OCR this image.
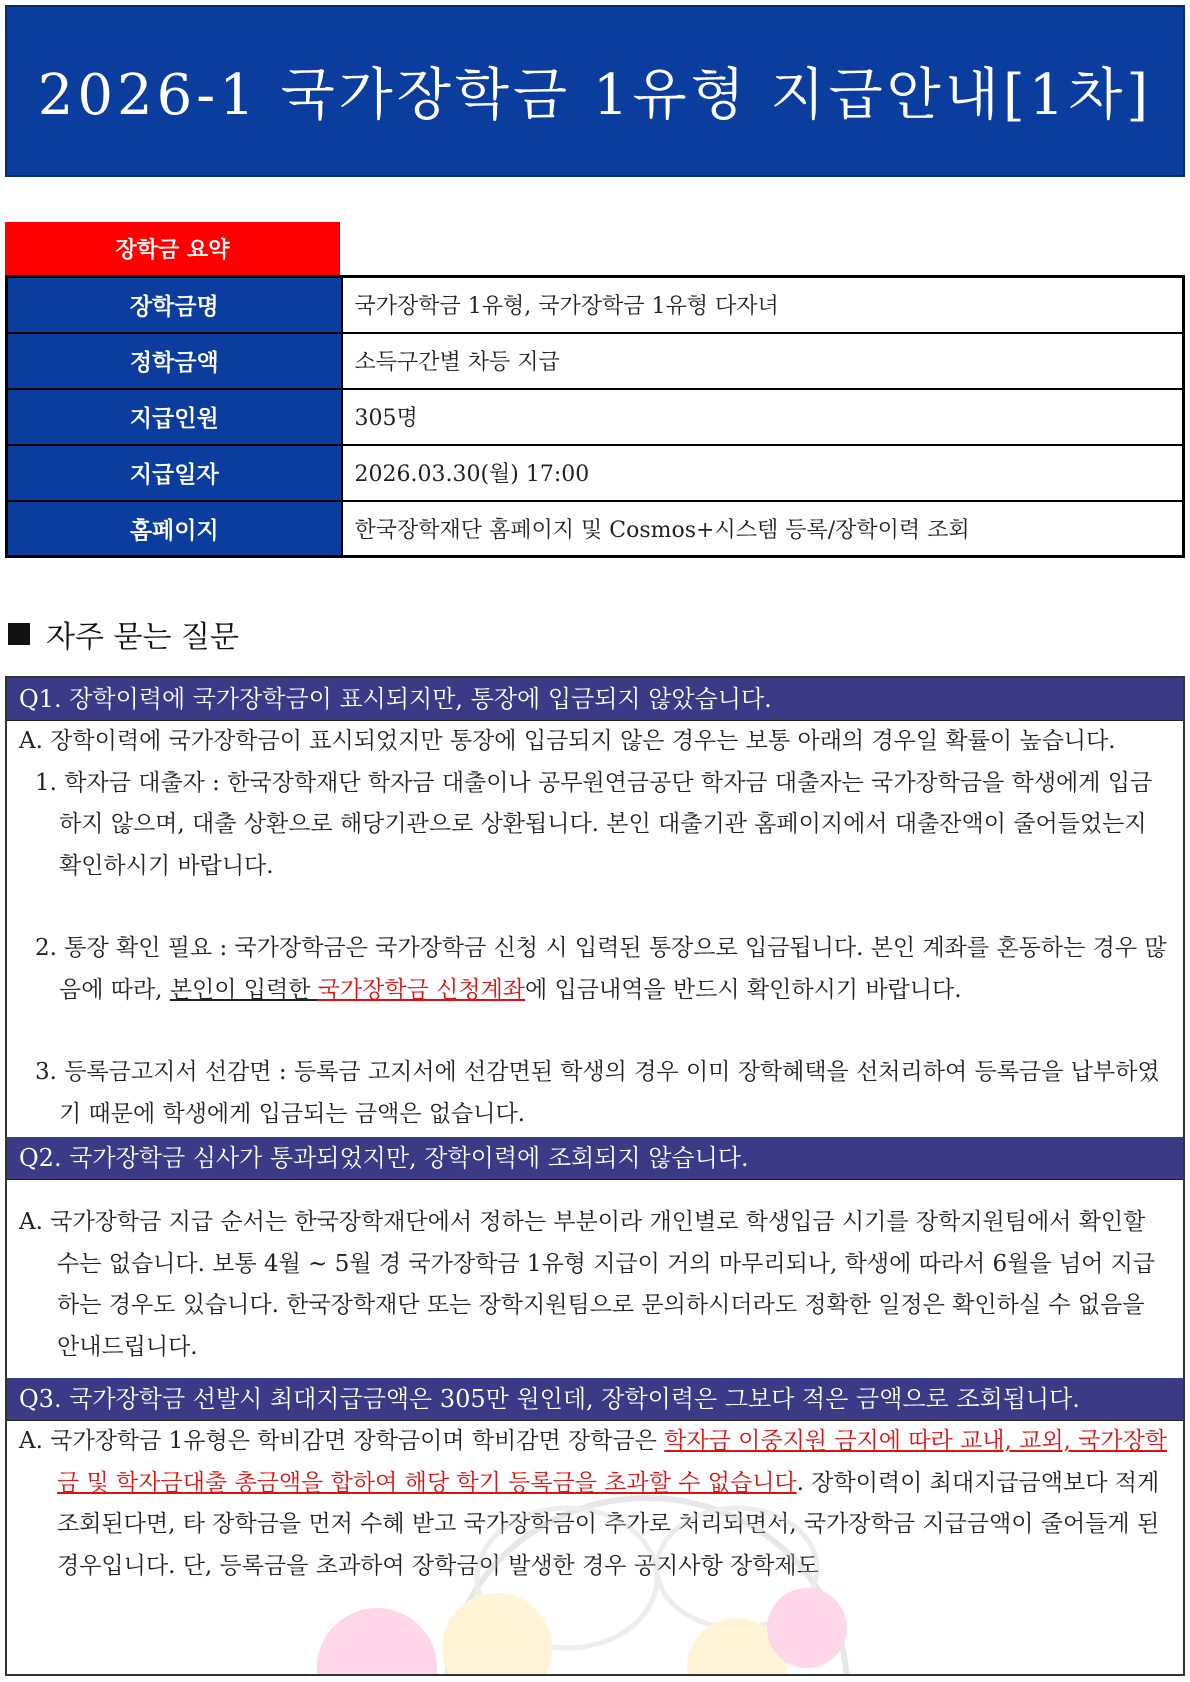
2026-1 국가장학금 1유형 지급안내[1차]
장학금 요약
장학금명	국가장학금 1유형, 국가장학금 1유형 다자녀
정학금액	소득구간별 차등 지급
지급인원	305명
지급일자	2026.03.30(월) 17:00
홈페이지	한국장학재단 홈페이지 및 Cosmos+시스템 등록/장학이력 조회
자주 묻는 질문
Q1. 장학이력에 국가장학금이 표시되지만, 통장에 입금되지 않았습니다.

A. 장학이력에 국가장학금이 표시되었지만 통장에 입금되지 않은 경우는 보통 아래의 경우일 확률이 높습니다.

1. 학자금 대출자 : 한국장학재단 학자금 대출이나 공무원연금공단 학자금 대출자는 국가장학금을 학생에게 입금하지 않으며, 대출 상환으로 해당기관으로 상환됩니다. 본인 대출기관 홈페이지에서 대출잔액이 줄어들었는지 확인하시기 바랍니다.

2. 통장 확인 필요 : 국가장학금은 국가장학금 신청 시 입력된 통장으로 입금됩니다. 본인 계좌를 혼동하는 경우 많음에 따라, 본인이 입력한 국가장학금 신청계좌에 입금내역을 반드시 확인하시기 바랍니다.

3. 등록금고지서 선감면 : 등록금 고지서에 선감면된 학생의 경우 이미 장학혜택을 선처리하여 등록금을 납부하였기 때문에 학생에게 입금되는 금액은 없습니다.

Q2. 국가장학금 심사가 통과되었지만, 장학이력에 조회되지 않습니다.

A. 국가장학금 지급 순서는 한국장학재단에서 정하는 부분이라 개인별로 학생입금 시기를 장학지원팀에서 확인할 수는 없습니다. 보통 4월 ~ 5월 경 국가장학금 1유형 지급이 거의 마무리되나, 학생에 따라서 6월을 넘어 지급하는 경우도 있습니다. 한국장학재단 또는 장학지원팀으로 문의하시더라도 정확한 일정은 확인하실 수 없음을 안내드립니다.

Q3. 국가장학금 선발시 최대지급금액은 305만 원인데, 장학이력은 그보다 적은 금액으로 조회됩니다.

A. 국가장학금 1유형은 학비감면 장학금이며 학비감면 장학금은 학자금 이중지원 금지에 따라 교내, 교외, 국가장학금 및 학자금대출 총금액을 합하여 해당 학기 등록금을 초과할 수 없습니다. 장학이력이 최대지급금액보다 적게 조회된다면, 타 장학금을 먼저 수혜 받고 국가장학금이 추가로 처리되면서, 국가장학금 지급금액이 줄어들게 된 경우입니다. 단, 등록금을 초과하여 장학금이 발생한 경우 공지사항 장학제도
